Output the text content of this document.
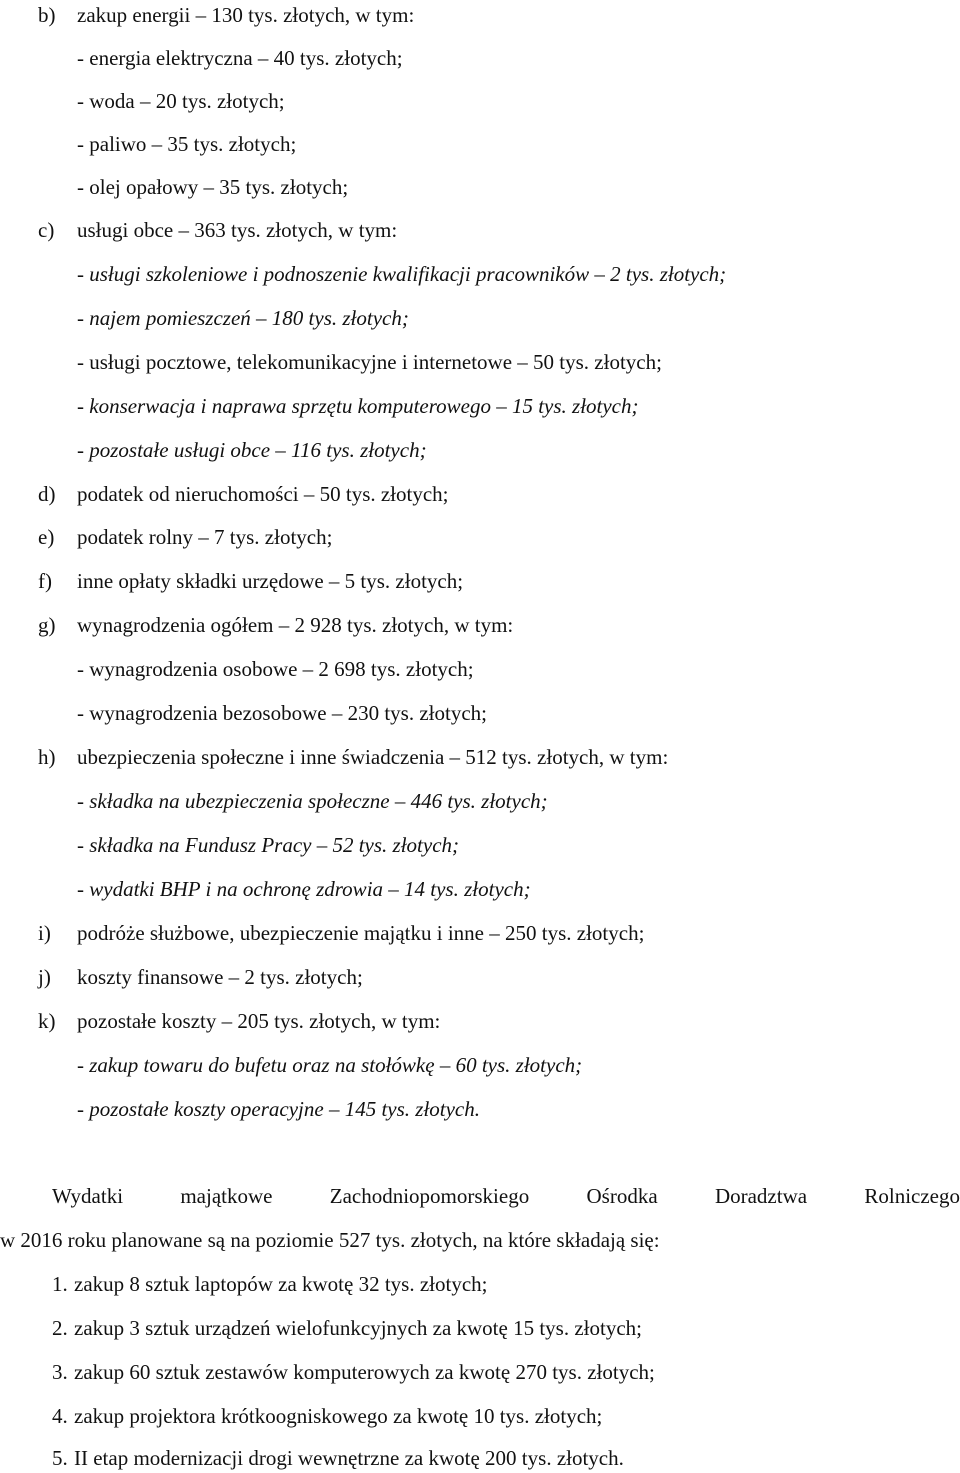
b) zakup energii – 130 tys. złotych, w tym:
- energia elektryczna – 40 tys. złotych;
- woda – 20 tys. złotych;
- paliwo – 35 tys. złotych;
- olej opałowy – 35 tys. złotych;
c) usługi obce – 363 tys. złotych, w tym:
- usługi szkoleniowe i podnoszenie kwalifikacji pracowników – 2 tys. złotych;
- najem pomieszczeń – 180 tys. złotych;
- usługi pocztowe, telekomunikacyjne i internetowe – 50 tys. złotych;
- konserwacja i naprawa sprzętu komputerowego – 15 tys. złotych;
- pozostałe usługi obce – 116 tys. złotych;
d) podatek od nieruchomości – 50 tys. złotych;
e) podatek rolny – 7 tys. złotych;
f) inne opłaty składki urzędowe – 5 tys. złotych;
g) wynagrodzenia ogółem – 2 928 tys. złotych, w tym:
- wynagrodzenia osobowe – 2 698 tys. złotych;
- wynagrodzenia bezosobowe – 230 tys. złotych;
h) ubezpieczenia społeczne i inne świadczenia – 512 tys. złotych, w tym:
- składka na ubezpieczenia społeczne – 446 tys. złotych;
- składka na Fundusz Pracy – 52 tys. złotych;
- wydatki BHP i na ochronę zdrowia – 14 tys. złotych;
i) podróże służbowe, ubezpieczenie majątku i inne – 250 tys. złotych;
j) koszty finansowe – 2 tys. złotych;
k) pozostałe koszty – 205 tys. złotych, w tym:
- zakup towaru do bufetu oraz na stołówkę – 60 tys. złotych;
- pozostałe koszty operacyjne – 145 tys. złotych.
Wydatki majątkowe Zachodniopomorskiego Ośrodka Doradztwa Rolniczego
w 2016 roku planowane są na poziomie 527 tys. złotych, na które składają się:
1. zakup 8 sztuk laptopów za kwotę 32 tys. złotych;
2. zakup 3 sztuk urządzeń wielofunkcyjnych za kwotę 15 tys. złotych;
3. zakup 60 sztuk zestawów komputerowych za kwotę 270 tys. złotych;
4. zakup projektora krótkoogniskowego za kwotę 10 tys. złotych;
5. II etap modernizacji drogi wewnętrzne za kwotę 200 tys. złotych.
